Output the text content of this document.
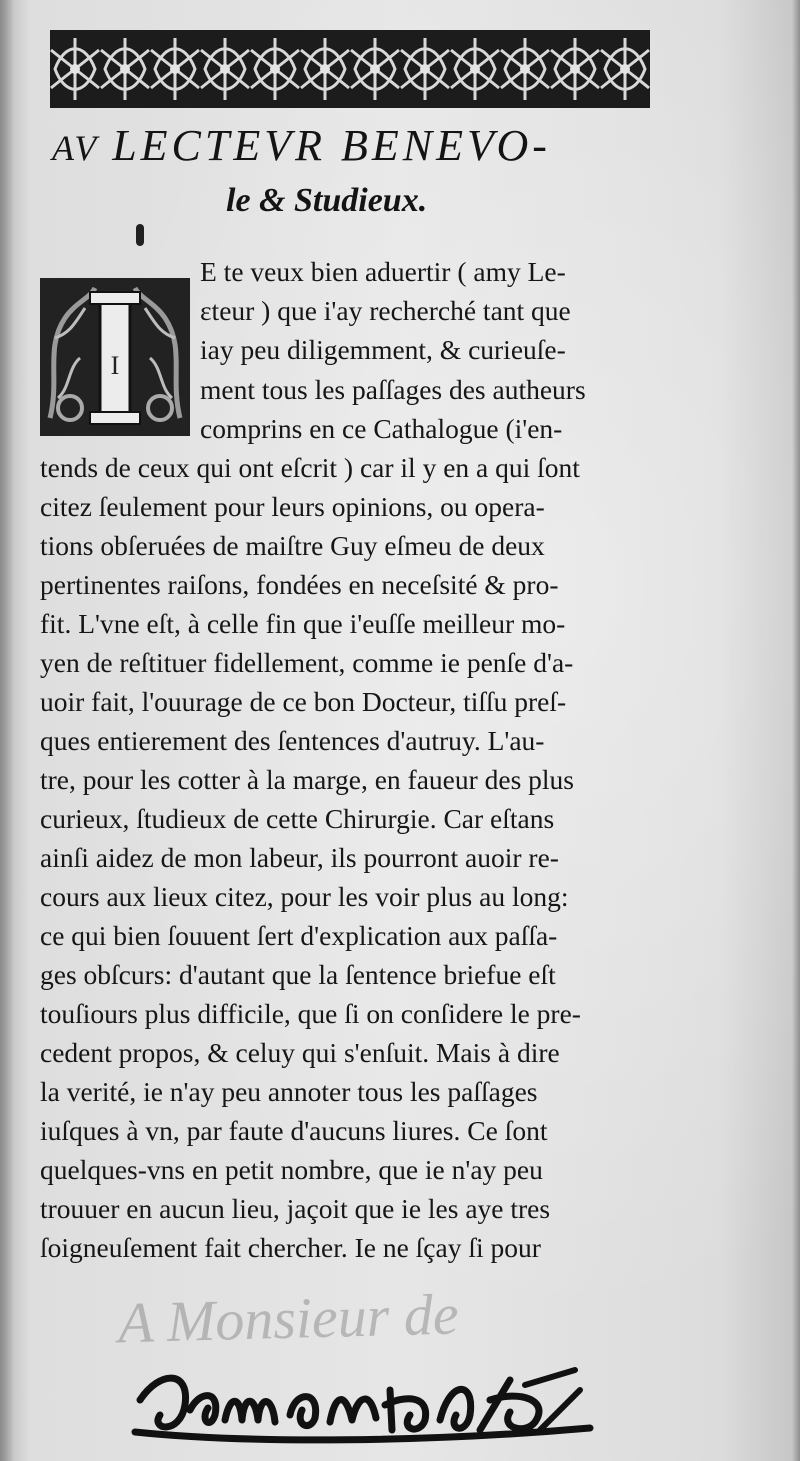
AV LECTEVR BENEVO-
le & Studieux.
I
E te veux bien aduertir ( amy Le-
ɛteur ) que i'ay recherché tant que
iay peu diligemment, & curieuſe-
ment tous les paſſages des autheurs
comprins en ce Cathalogue (i'en-
tends de ceux qui ont eſcrit ) car il y en a qui ſont
citez ſeulement pour leurs opinions, ou opera-
tions obſeruées de maiſtre Guy eſmeu de deux
pertinentes raiſons, fondées en neceſsité & pro-
fit. L'vne eſt, à celle fin que i'euſſe meilleur mo-
yen de reſtituer fidellement, comme ie penſe d'a-
uoir fait, l'ouurage de ce bon Docteur, tiſſu preſ-
ques entierement des ſentences d'autruy. L'au-
tre, pour les cotter à la marge, en faueur des plus
curieux, ſtudieux de cette Chirurgie. Car eſtans
ainſi aidez de mon labeur, ils pourront auoir re-
cours aux lieux citez, pour les voir plus au long:
ce qui bien ſouuent ſert d'explication aux paſſa-
ges obſcurs: d'autant que la ſentence briefue eſt
touſiours plus difficile, que ſi on conſidere le pre-
cedent propos, & celuy qui s'enſuit. Mais à dire
la verité, ie n'ay peu annoter tous les paſſages
iuſques à vn, par faute d'aucuns liures. Ce ſont
quelques-vns en petit nombre, que ie n'ay peu
trouuer en aucun lieu, jaçoit que ie les aye tres
ſoigneuſement fait chercher. Ie ne ſçay ſi pour
A Monsieur de
